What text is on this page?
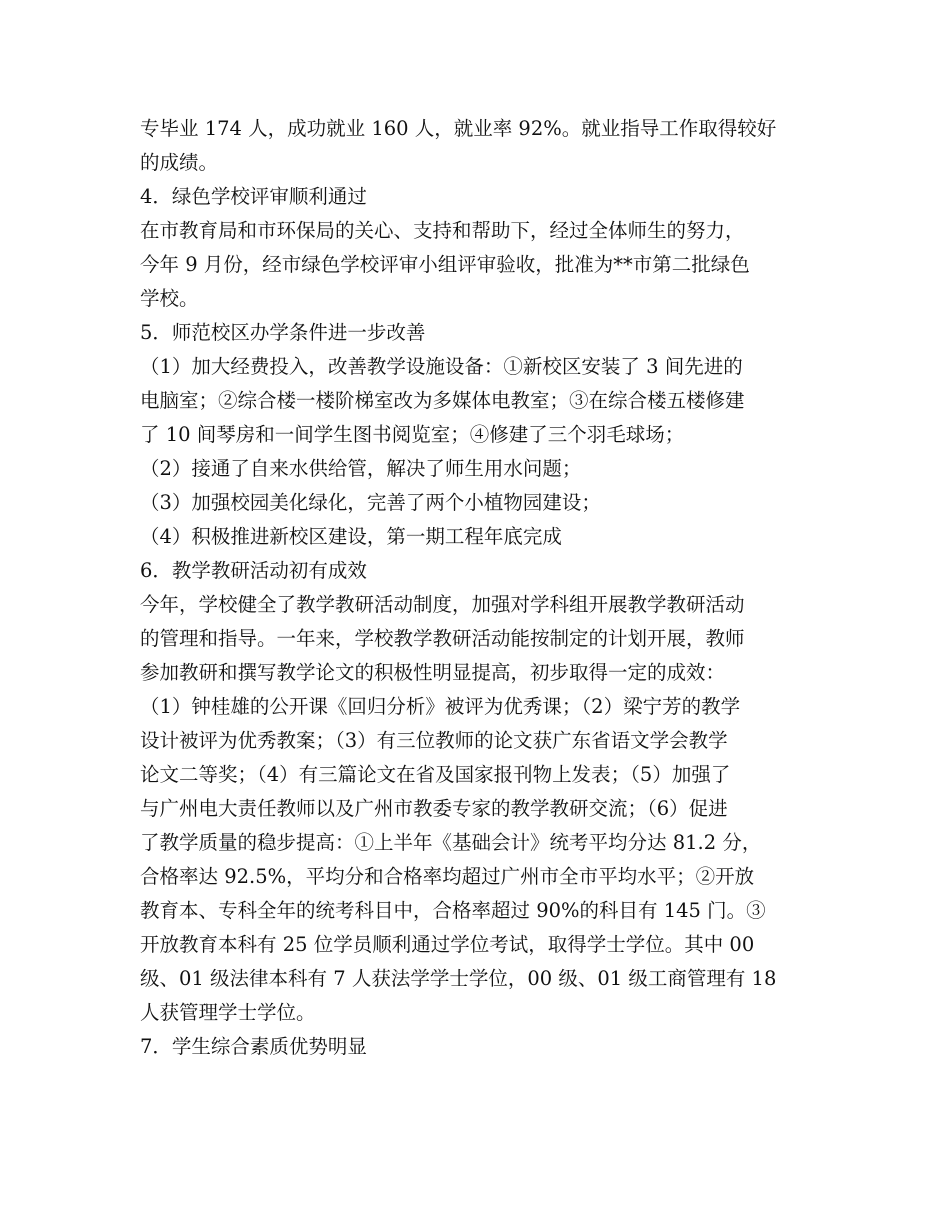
专毕业 174 人，成功就业 160 人，就业率 92%。就业指导工作取得较好
的成绩。
4．绿色学校评审顺利通过
在市教育局和市环保局的关心、支持和帮助下，经过全体师生的努力，
今年 9 月份，经市绿色学校评审小组评审验收，批准为**市第二批绿色
学校。
5．师范校区办学条件进一步改善
（1）加大经费投入，改善教学设施设备：①新校区安装了 3 间先进的
电脑室；②综合楼一楼阶梯室改为多媒体电教室；③在综合楼五楼修建
了 10 间琴房和一间学生图书阅览室；④修建了三个羽毛球场；
（2）接通了自来水供给管，解决了师生用水问题；
（3）加强校园美化绿化，完善了两个小植物园建设；
（4）积极推进新校区建设，第一期工程年底完成
6．教学教研活动初有成效
今年，学校健全了教学教研活动制度，加强对学科组开展教学教研活动
的管理和指导。一年来，学校教学教研活动能按制定的计划开展，教师
参加教研和撰写教学论文的积极性明显提高，初步取得一定的成效：
（1）钟桂雄的公开课《回归分析》被评为优秀课；（2）梁宁芳的教学
设计被评为优秀教案；（3）有三位教师的论文获广东省语文学会教学
论文二等奖；（4）有三篇论文在省及国家报刊物上发表；（5）加强了
与广州电大责任教师以及广州市教委专家的教学教研交流；（6）促进
了教学质量的稳步提高：①上半年《基础会计》统考平均分达 81.2 分，
合格率达 92.5%，平均分和合格率均超过广州市全市平均水平；②开放
教育本、专科全年的统考科目中，合格率超过 90%的科目有 145 门。③
开放教育本科有 25 位学员顺利通过学位考试，取得学士学位。其中 00
级、01 级法律本科有 7 人获法学学士学位，00 级、01 级工商管理有 18
人获管理学士学位。
7．学生综合素质优势明显
